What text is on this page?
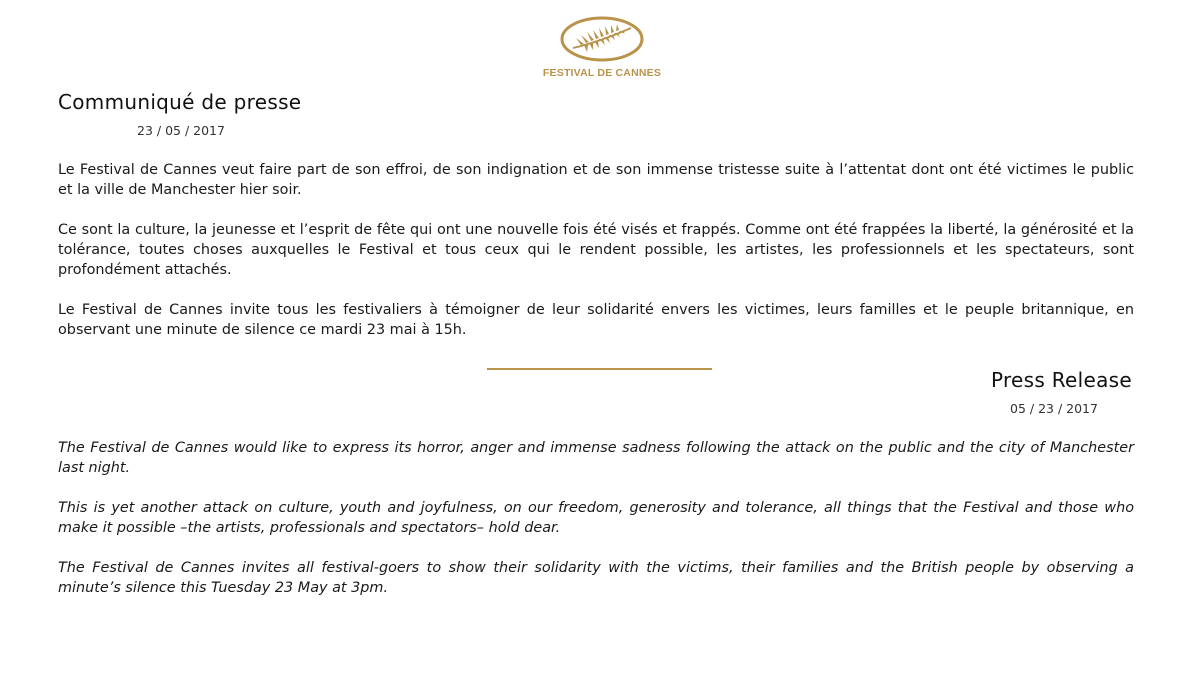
FESTIVAL DE CANNES
Communiqué de presse
23 / 05 / 2017

Le Festival de Cannes veut faire part de son effroi, de son indignation et de son immense tristesse suite à l’attentat dont ont été victimes le public et la ville de Manchester hier soir.

Ce sont la culture, la jeunesse et l’esprit de fête qui ont une nouvelle fois été visés et frappés. Comme ont été frappées la liberté, la générosité et la tolérance, toutes choses auxquelles le Festival et tous ceux qui le rendent possible, les artistes, les professionnels et les spectateurs, sont profondément attachés.

Le Festival de Cannes invite tous les festivaliers à témoigner de leur solidarité envers les victimes, leurs familles et le peuple britannique, en observant une minute de silence ce mardi 23 mai à 15h.

Press Release
05 / 23 / 2017

The Festival de Cannes would like to express its horror, anger and immense sadness following the attack on the public and the city of Manchester last night.

This is yet another attack on culture, youth and joyfulness, on our freedom, generosity and tolerance, all things that the Festival and those who make it possible –the artists, professionals and spectators– hold dear.

The Festival de Cannes invites all festival-goers to show their solidarity with the victims, their families and the British people by observing a minute’s silence this Tuesday 23 May at 3pm.
